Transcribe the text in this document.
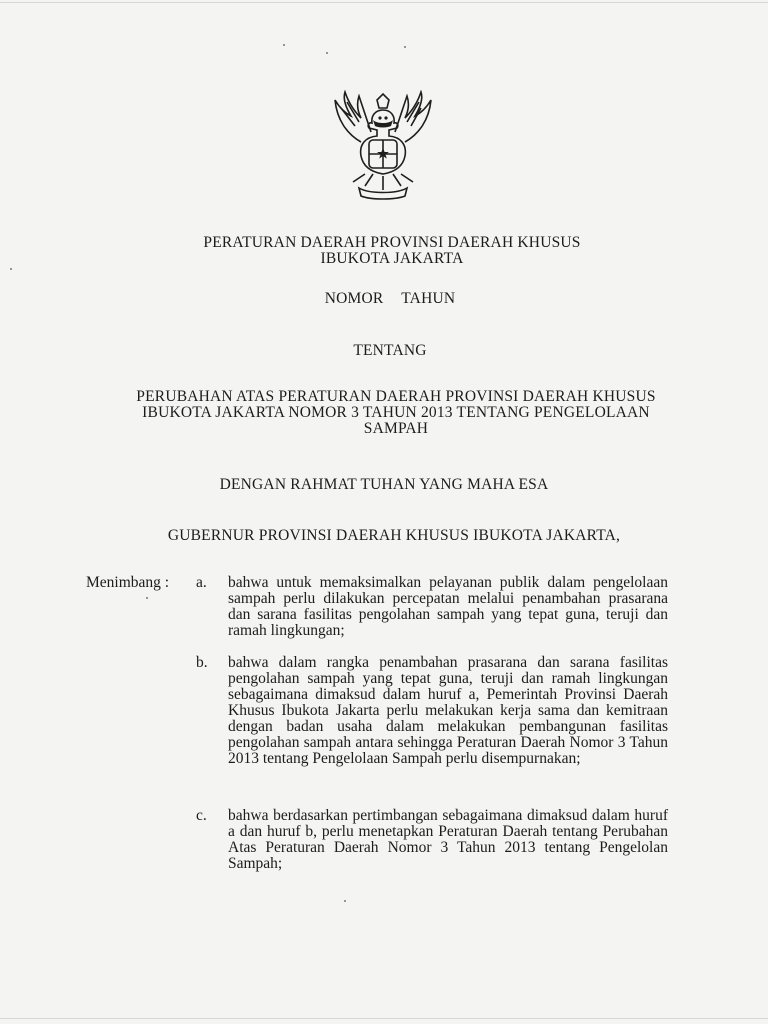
PERATURAN DAERAH PROVINSI DAERAH KHUSUS
IBUKOTA JAKARTA
NOMOR TAHUN
TENTANG
PERUBAHAN ATAS PERATURAN DAERAH PROVINSI DAERAH KHUSUS
IBUKOTA JAKARTA NOMOR 3 TAHUN 2013 TENTANG PENGELOLAAN
SAMPAH
DENGAN RAHMAT TUHAN YANG MAHA ESA
GUBERNUR PROVINSI DAERAH KHUSUS IBUKOTA JAKARTA,
Menimbang :	a.	bahwa untuk memaksimalkan pelayanan publik dalam pengelolaan sampah perlu dilakukan percepatan melalui penambahan prasarana dan sarana fasilitas pengolahan sampah yang tepat guna, teruji dan ramah lingkungan;
b.	bahwa dalam rangka penambahan prasarana dan sarana fasilitas pengolahan sampah yang tepat guna, teruji dan ramah lingkungan sebagaimana dimaksud dalam huruf a, Pemerintah Provinsi Daerah Khusus Ibukota Jakarta perlu melakukan kerja sama dan kemitraan dengan badan usaha dalam melakukan pembangunan fasilitas pengolahan sampah antara sehingga Peraturan Daerah Nomor 3 Tahun 2013 tentang Pengelolaan Sampah perlu disempurnakan;
c.	bahwa berdasarkan pertimbangan sebagaimana dimaksud dalam huruf a dan huruf b, perlu menetapkan Peraturan Daerah tentang Perubahan Atas Peraturan Daerah Nomor 3 Tahun 2013 tentang Pengelolan Sampah;
